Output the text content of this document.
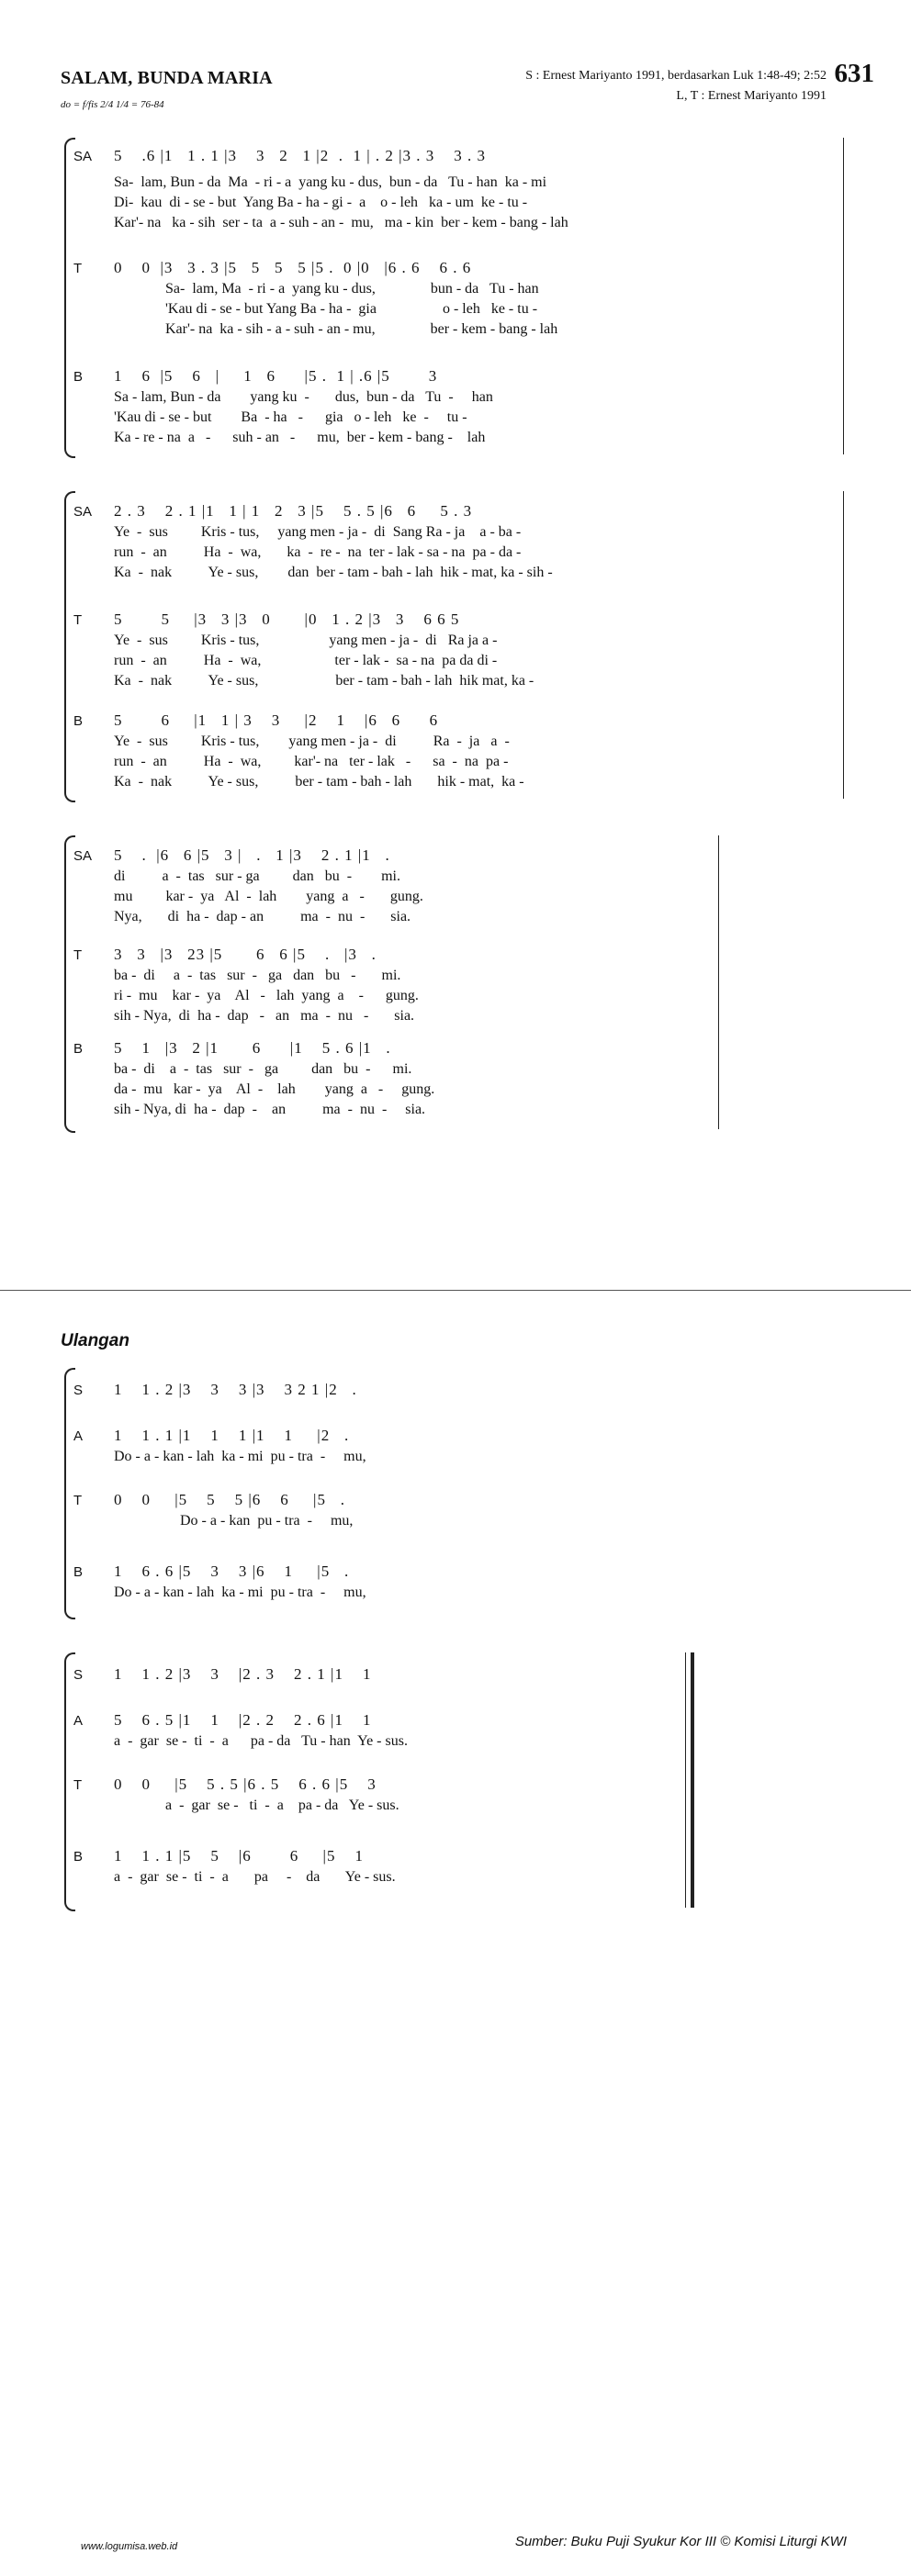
SALAM, BUNDA MARIA
do = f/fis 2/4 1/4 = 76-84
S : Ernest Mariyanto 1991, berdasarkan Luk 1:48-49; 2:52
L, T : Ernest Mariyanto 1991
631
SA 5    .6 |1   1 . 1 |3    3   2   1 |2  .  1 | . 2 |3 . 3    3 . 3
Sa-  lam, Bun - da  Ma  - ri - a  yang ku - dus,  bun - da   Tu - han  ka - mi
Di-  kau  di - se - but  Yang Ba - ha - gi -  a    o - leh   ka - um  ke - tu -
Kar'- na   ka - sih  ser - ta  a - suh - an -  mu,   ma - kin  ber - kem - bang - lah
T 0    0  |3   3 . 3 |5   5   5   5 |5 .  0 |0   |6 . 6    6 . 6
Sa-  lam, Ma  - ri - a  yang ku - dus,               bun - da   Tu - han
'Kau di - se - but Yang Ba - ha -  gia                  o - leh   ke - tu -
Kar'- na  ka - sih - a - suh - an - mu,               ber - kem - bang - lah
B 1    6  |5    6   |     1   6      |5 .  1 | .6 |5        3
Sa - lam, Bun - da        yang ku  -       dus,  bun - da   Tu  -     han
'Kau di - se - but        Ba  - ha   -      gia   o - leh   ke  -     tu -
Ka - re - na  a   -      suh - an   -      mu,  ber - kem - bang -    lah
SA 2 . 3    2 . 1 |1   1 | 1   2   3 |5    5 . 5 |6   6     5 . 3
Ye  -  sus         Kris - tus,     yang men - ja -  di  Sang Ra - ja    a - ba -
run  -  an          Ha  -  wa,       ka  -  re -  na  ter - lak - sa - na  pa - da -
Ka  -  nak          Ye - sus,        dan  ber - tam - bah - lah  hik - mat, ka - sih -
T 5        5     |3   3 |3   0       |0   1 . 2 |3   3    6 6 5
Ye  -  sus         Kris - tus,                   yang men - ja -  di   Ra ja a -
run  -  an          Ha  -  wa,                    ter - lak -  sa - na  pa da di -
Ka  -  nak          Ye - sus,                     ber - tam - bah - lah  hik mat, ka -
B 5        6     |1   1 | 3    3     |2    1    |6   6      6
Ye  -  sus         Kris - tus,        yang men - ja -  di          Ra  -  ja   a  -
run  -  an          Ha  -  wa,         kar'- na   ter - lak   -      sa  -  na  pa -
Ka  -  nak          Ye - sus,          ber - tam - bah - lah       hik - mat,  ka -
SA 5    .  |6   6 |5   3 |   .   1 |3    2 . 1 |1   .
di          a  -  tas   sur - ga         dan   bu  -        mi.
mu         kar -  ya   Al  -  lah        yang  a   -       gung.
Nya,       di  ha -  dap - an          ma  -  nu  -       sia.
T 3   3   |3   23 |5       6   6 |5    .   |3   .
ba -  di     a  -  tas   sur  -   ga   dan   bu   -       mi.
ri -  mu    kar -  ya    Al   -   lah  yang  a    -      gung.
sih - Nya,  di  ha -  dap   -   an   ma  -  nu   -       sia.
B 5    1   |3   2 |1       6      |1    5 . 6 |1   .
ba -  di    a  -  tas   sur  -   ga         dan   bu  -      mi.
da -  mu   kar -  ya    Al  -    lah        yang  a   -     gung.
sih - Nya, di  ha -  dap  -    an          ma  -  nu  -     sia.
Ulangan
S 1    1 . 2 |3    3    3 |3    3 2 1 |2   .
A 1    1 . 1 |1    1    1 |1    1     |2   .
Do - a - kan - lah  ka - mi  pu - tra  -     mu,
T 0    0     |5    5    5 |6    6     |5   .
Do - a - kan  pu - tra  -     mu,
B 1    6 . 6 |5    3    3 |6    1     |5   .
Do - a - kan - lah  ka - mi  pu - tra  -     mu,
S 1    1 . 2 |3    3    |2 . 3    2 . 1 |1    1
A 5    6 . 5 |1    1    |2 . 2    2 . 6 |1    1
a  -  gar  se -  ti  -  a      pa - da   Tu - han  Ye - sus.
T 0    0     |5    5 . 5 |6 . 5    6 . 6 |5    3
a  -  gar  se -   ti  -  a    pa - da   Ye - sus.
B 1    1 . 1 |5    5    |6        6     |5    1
a  -  gar  se -  ti  -  a       pa     -    da       Ye - sus.
www.logumisa.web.id	Sumber: Buku Puji Syukur Kor III © Komisi Liturgi KWI
